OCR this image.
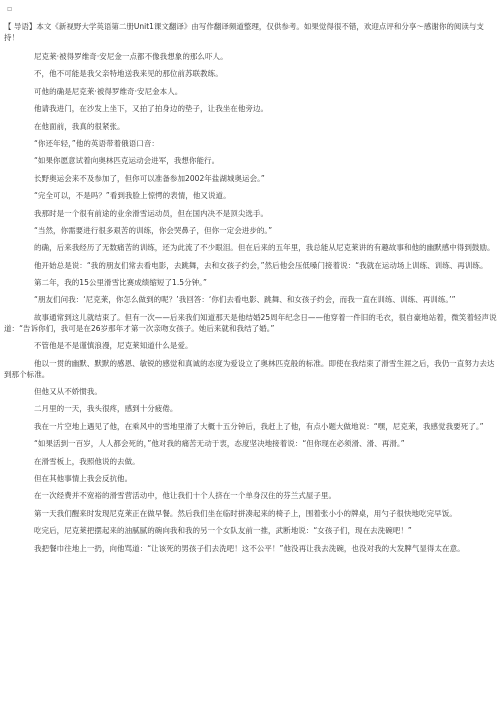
▫

【 导语】本文《新视野大学英语第二册Unit1课文翻译》由写作翻译频道整理，仅供参考。如果觉得很不错，欢迎点评和分享～感谢你的阅读与支持！

尼克莱·被得罗维奇·安尼金一点都不像我想象的那么吓人。

不，他不可能是我父亲特地送我来见的那位前苏联教练。

可他的确是尼克莱·被得罗维奇·安尼金本人。

他请我进门，在沙发上坐下，又拍了拍身边的垫子，让我坐在他旁边。

在他面前，我真的很紧张。

“你还年轻，”他的英语带着俄语口音：

“如果你愿意试着向奥林匹克运动会进军，我想你能行。

长野奥运会来不及参加了，但你可以准备参加2002年盐湖城奥运会。”

“完全可以，不是吗？”看到我脸上惊愕的表情，他又说道。

我那时是一个很有前途的业余滑雪运动员，但在国内决不是顶尖选手。

“当然，你需要进行很多艰苦的训练，你会哭鼻子，但你一定会进步的。”

的确，后来我经历了无数痛苦的训练，还为此流了不少眼泪。但在后来的五年里，我总能从尼克莱讲的有趣故事和他的幽默感中得到鼓励。

他开始总是说：“我的朋友们常去看电影，去跳舞，去和女孩子约会，”然后他会压低嗓门接着说：“我就在运动场上训练、训练、再训练。

第二年，我的15公里滑雪比赛成绩缩短了1.5分钟。”

“朋友们问我：‘尼克莱，你怎么做到的呢？’我回答：‘你们去看电影、跳舞、和女孩子约会，而我一直在训练、训练、再训练。’”

故事通常到这儿就结束了。但有一次——后来我们知道那天是他结婚25周年纪念日——他穿着一件旧的毛衣，很自豪地站着，微笑着轻声说道：“告诉你们，我可是在26岁那年才第一次亲吻女孩子。她后来就和我结了婚。”

不管他是不是谨慎浪漫，尼克莱知道什么是爱。

他以一贯的幽默、默默的感恩、敏锐的感觉和真诚的态度为爱设立了奥林匹克般的标准。即使在我结束了滑雪生涯之后，我仍一直努力去达到那个标准。

但他又从不娇惯我。

二月里的一天，我头很疼，感到十分疲倦。

我在一片空地上遇见了他，在乘风中的雪地里滑了大概十五分钟后，我赶上了他，有点小题大做地说：“嘿，尼克莱，我感觉我要死了。”

“如果活到一百岁，人人都会死的，”他对我的痛苦无动于衷，态度坚决地接着说：“但你现在必须滑、滑、再滑。”

在滑雪板上，我照他说的去做。

但在其他事情上我会反抗他。

在一次经费并不宽裕的滑雪营活动中，他让我们十个人挤在一个单身汉住的芬兰式屋子里。

第一天我们醒来时发现尼克莱正在做早餐。然后我们坐在临时拼凑起来的椅子上，围着张小小的牌桌，用勺子很快地吃完早饭。

吃完后，尼克莱把摆起来的油腻腻的碗向我和我的另一个女队友前一推，武断地说：“女孩子们，现在去洗碗吧！”

我把餐巾往地上一扔，向他骂道：“让该死的男孩子们去洗吧！这不公平！”他没再让我去洗碗，也没对我的大发脾气显得太在意。
